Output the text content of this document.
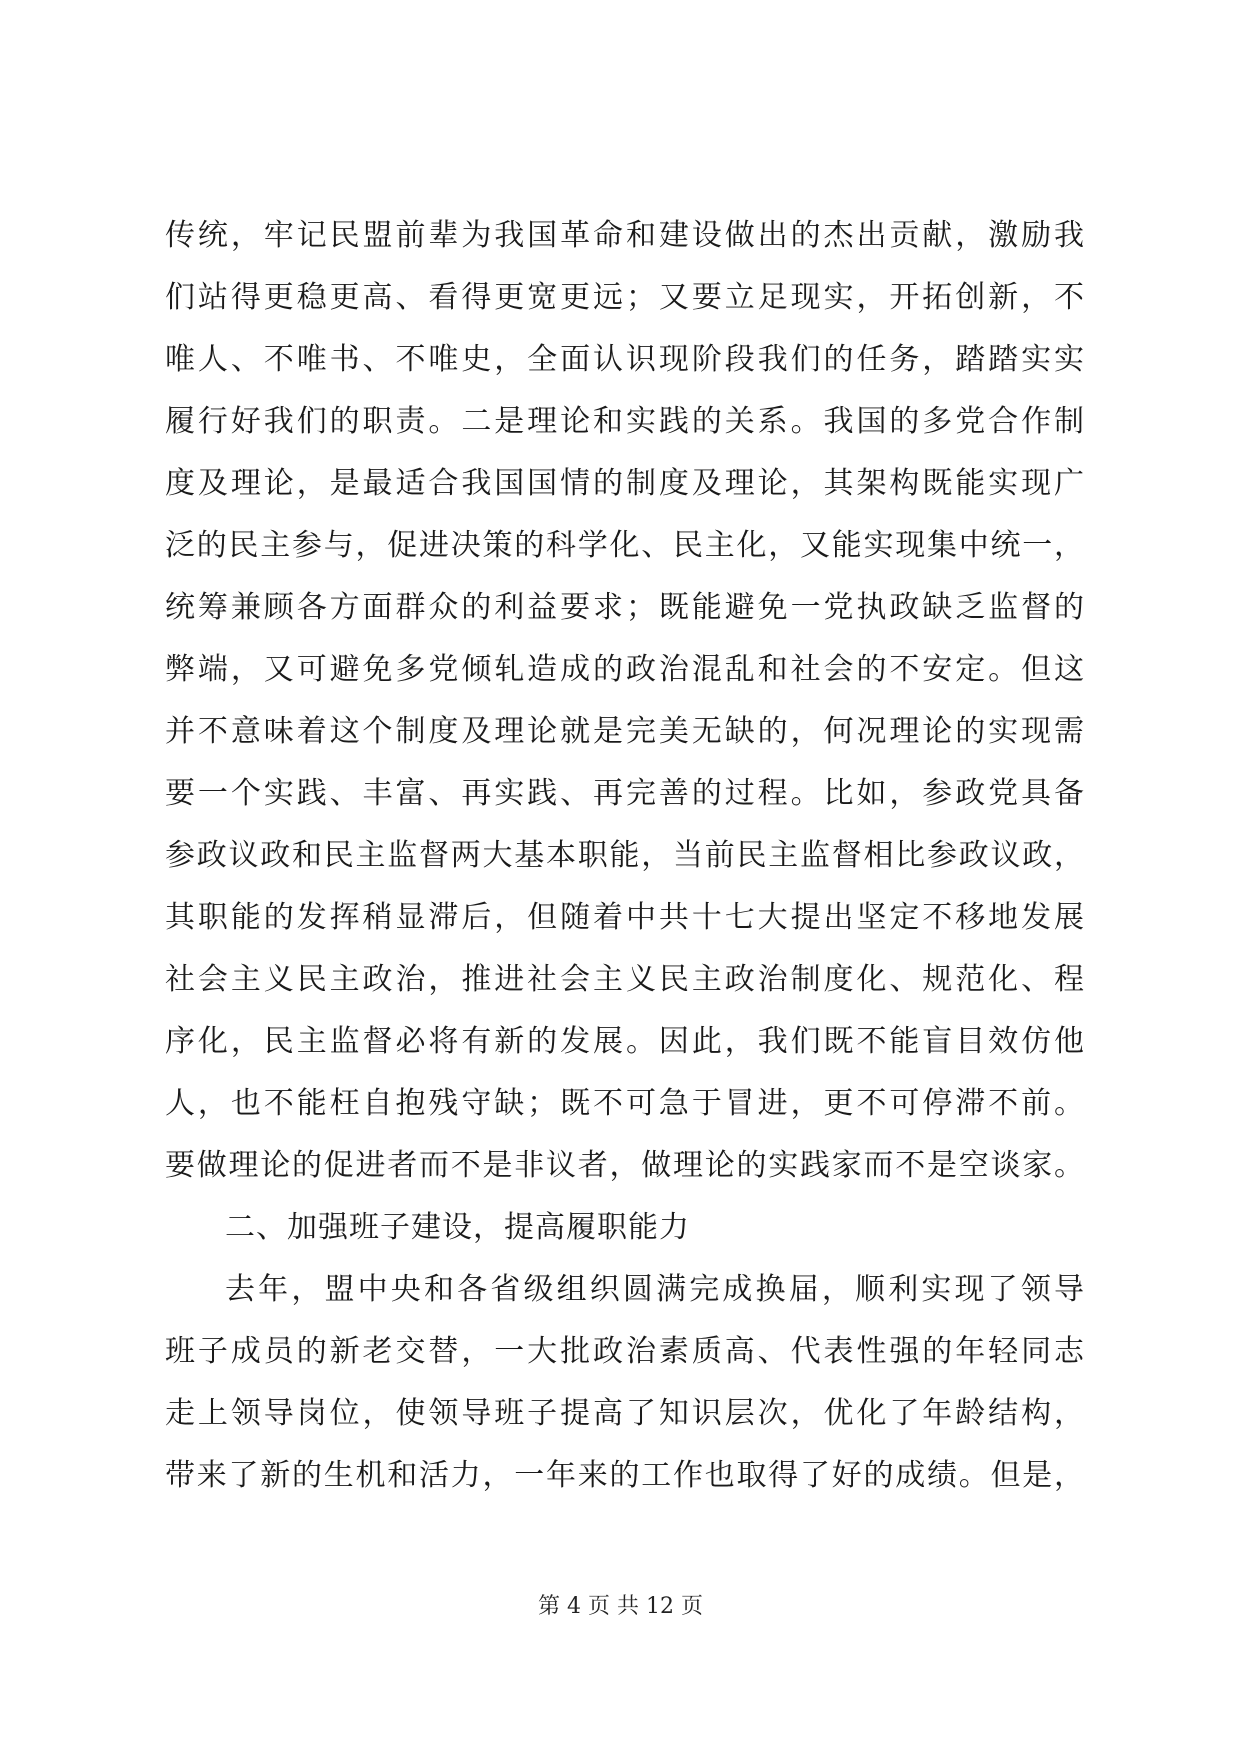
传统，牢记民盟前辈为我国革命和建设做出的杰出贡献，激励我
们站得更稳更高、看得更宽更远；又要立足现实，开拓创新，不
唯人、不唯书、不唯史，全面认识现阶段我们的任务，踏踏实实
履行好我们的职责。二是理论和实践的关系。我国的多党合作制
度及理论，是最适合我国国情的制度及理论，其架构既能实现广
泛的民主参与，促进决策的科学化、民主化，又能实现集中统一，
统筹兼顾各方面群众的利益要求；既能避免一党执政缺乏监督的
弊端，又可避免多党倾轧造成的政治混乱和社会的不安定。但这
并不意味着这个制度及理论就是完美无缺的，何况理论的实现需
要一个实践、丰富、再实践、再完善的过程。比如，参政党具备
参政议政和民主监督两大基本职能，当前民主监督相比参政议政，
其职能的发挥稍显滞后，但随着中共十七大提出坚定不移地发展
社会主义民主政治，推进社会主义民主政治制度化、规范化、程
序化，民主监督必将有新的发展。因此，我们既不能盲目效仿他
人，也不能枉自抱残守缺；既不可急于冒进，更不可停滞不前。
要做理论的促进者而不是非议者，做理论的实践家而不是空谈家。
二、加强班子建设，提高履职能力
去年，盟中央和各省级组织圆满完成换届，顺利实现了领导
班子成员的新老交替，一大批政治素质高、代表性强的年轻同志
走上领导岗位，使领导班子提高了知识层次，优化了年龄结构，
带来了新的生机和活力，一年来的工作也取得了好的成绩。但是，
第 4 页 共 12 页
